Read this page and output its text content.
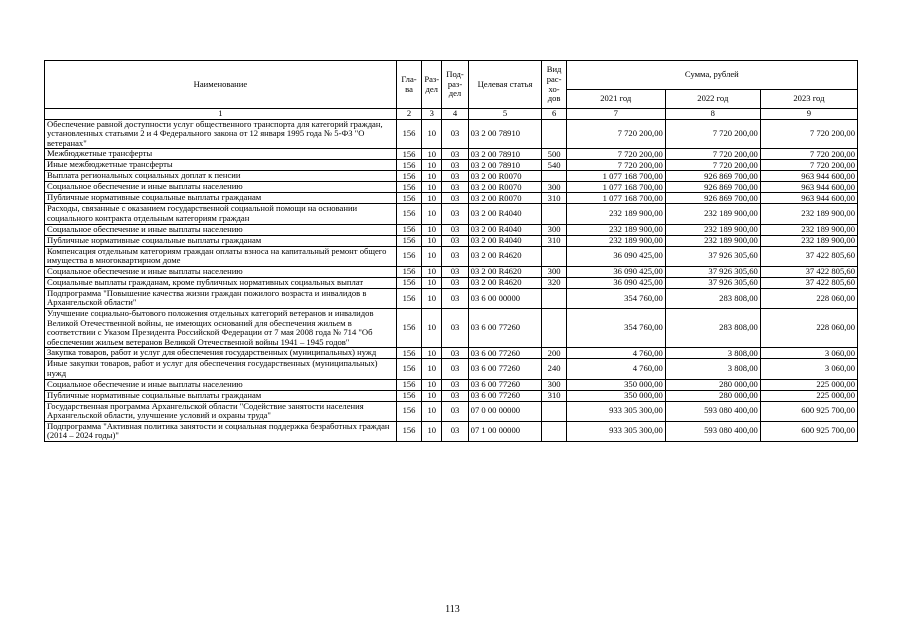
Наименование	Гла-ва	Раз-дел	Под-раз-дел	Целевая статья	Вид рас-хо-дов	Сумма, рублей		
						2021 год	2022 год	2023 год
1	2	3	4	5	6	7	8	9
Обеспечение равной доступности услуг общественного транспорта для категорий граждан, установленных статьями 2 и 4 Федерального закона от 12 января 1995 года № 5-ФЗ "О ветеранах"	156	10	03	03 2 00 78910		7 720 200,00	7 720 200,00	7 720 200,00
Межбюджетные трансферты	156	10	03	03 2 00 78910	500	7 720 200,00	7 720 200,00	7 720 200,00
Иные межбюджетные трансферты	156	10	03	03 2 00 78910	540	7 720 200,00	7 720 200,00	7 720 200,00
Выплата региональных социальных доплат к пенсии	156	10	03	03 2 00 R0070		1 077 168 700,00	926 869 700,00	963 944 600,00
Социальное обеспечение и иные выплаты населению	156	10	03	03 2 00 R0070	300	1 077 168 700,00	926 869 700,00	963 944 600,00
Публичные нормативные социальные выплаты гражданам	156	10	03	03 2 00 R0070	310	1 077 168 700,00	926 869 700,00	963 944 600,00
Расходы, связанные с оказанием государственной социальной помощи на основании социального контракта отдельным категориям граждан	156	10	03	03 2 00 R4040		232 189 900,00	232 189 900,00	232 189 900,00
Социальное обеспечение и иные выплаты населению	156	10	03	03 2 00 R4040	300	232 189 900,00	232 189 900,00	232 189 900,00
Публичные нормативные социальные выплаты гражданам	156	10	03	03 2 00 R4040	310	232 189 900,00	232 189 900,00	232 189 900,00
Компенсация отдельным категориям граждан оплаты взноса на капитальный ремонт общего имущества в многоквартирном доме	156	10	03	03 2 00 R4620		36 090 425,00	37 926 305,60	37 422 805,60
Социальное обеспечение и иные выплаты населению	156	10	03	03 2 00 R4620	300	36 090 425,00	37 926 305,60	37 422 805,60
Социальные выплаты гражданам, кроме публичных нормативных социальных выплат	156	10	03	03 2 00 R4620	320	36 090 425,00	37 926 305,60	37 422 805,60
Подпрограмма "Повышение качества жизни граждан пожилого возраста и инвалидов в Архангельской области"	156	10	03	03 6 00 00000		354 760,00	283 808,00	228 060,00
Улучшение социально-бытового положения отдельных категорий ветеранов и инвалидов Великой Отечественной войны, не имеющих оснований для обеспечения жильем в соответствии с Указом Президента Российской Федерации от 7 мая 2008 года № 714 "Об обеспечении жильем ветеранов Великой Отечественной войны 1941 – 1945 годов"	156	10	03	03 6 00 77260		354 760,00	283 808,00	228 060,00
Закупка товаров, работ и услуг для обеспечения государственных (муниципальных) нужд	156	10	03	03 6 00 77260	200	4 760,00	3 808,00	3 060,00
Иные закупки товаров, работ и услуг для обеспечения государственных (муниципальных) нужд	156	10	03	03 6 00 77260	240	4 760,00	3 808,00	3 060,00
Социальное обеспечение и иные выплаты населению	156	10	03	03 6 00 77260	300	350 000,00	280 000,00	225 000,00
Публичные нормативные социальные выплаты гражданам	156	10	03	03 6 00 77260	310	350 000,00	280 000,00	225 000,00
Государственная программа Архангельской области "Содействие занятости населения Архангельской области, улучшение условий и охраны труда"	156	10	03	07 0 00 00000		933 305 300,00	593 080 400,00	600 925 700,00
Подпрограмма "Активная политика занятости и социальная поддержка безработных граждан (2014 – 2024 годы)"	156	10	03	07 1 00 00000		933 305 300,00	593 080 400,00	600 925 700,00
113
